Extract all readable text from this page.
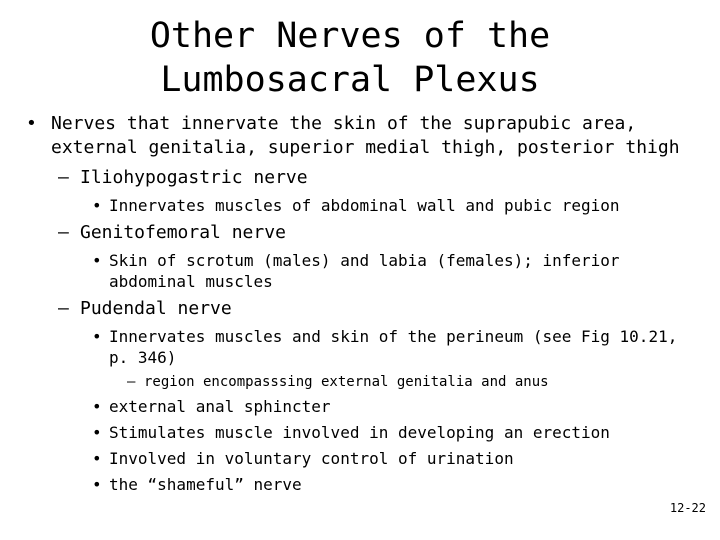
Other Nerves of the
Lumbosacral Plexus
• Nerves that innervate the skin of the suprapubic area, external genitalia, superior medial thigh, posterior thigh
– Iliohypogastric nerve
• Innervates muscles of abdominal wall and pubic region
– Genitofemoral nerve
• Skin of scrotum (males) and labia (females); inferior abdominal muscles
– Pudendal nerve
• Innervates muscles and skin of the perineum (see Fig 10.21, p. 346)
– region encompasssing external genitalia and anus
• external anal sphincter
• Stimulates muscle involved in developing an erection
• Involved in voluntary control of urination
• the “shameful” nerve
12-22
